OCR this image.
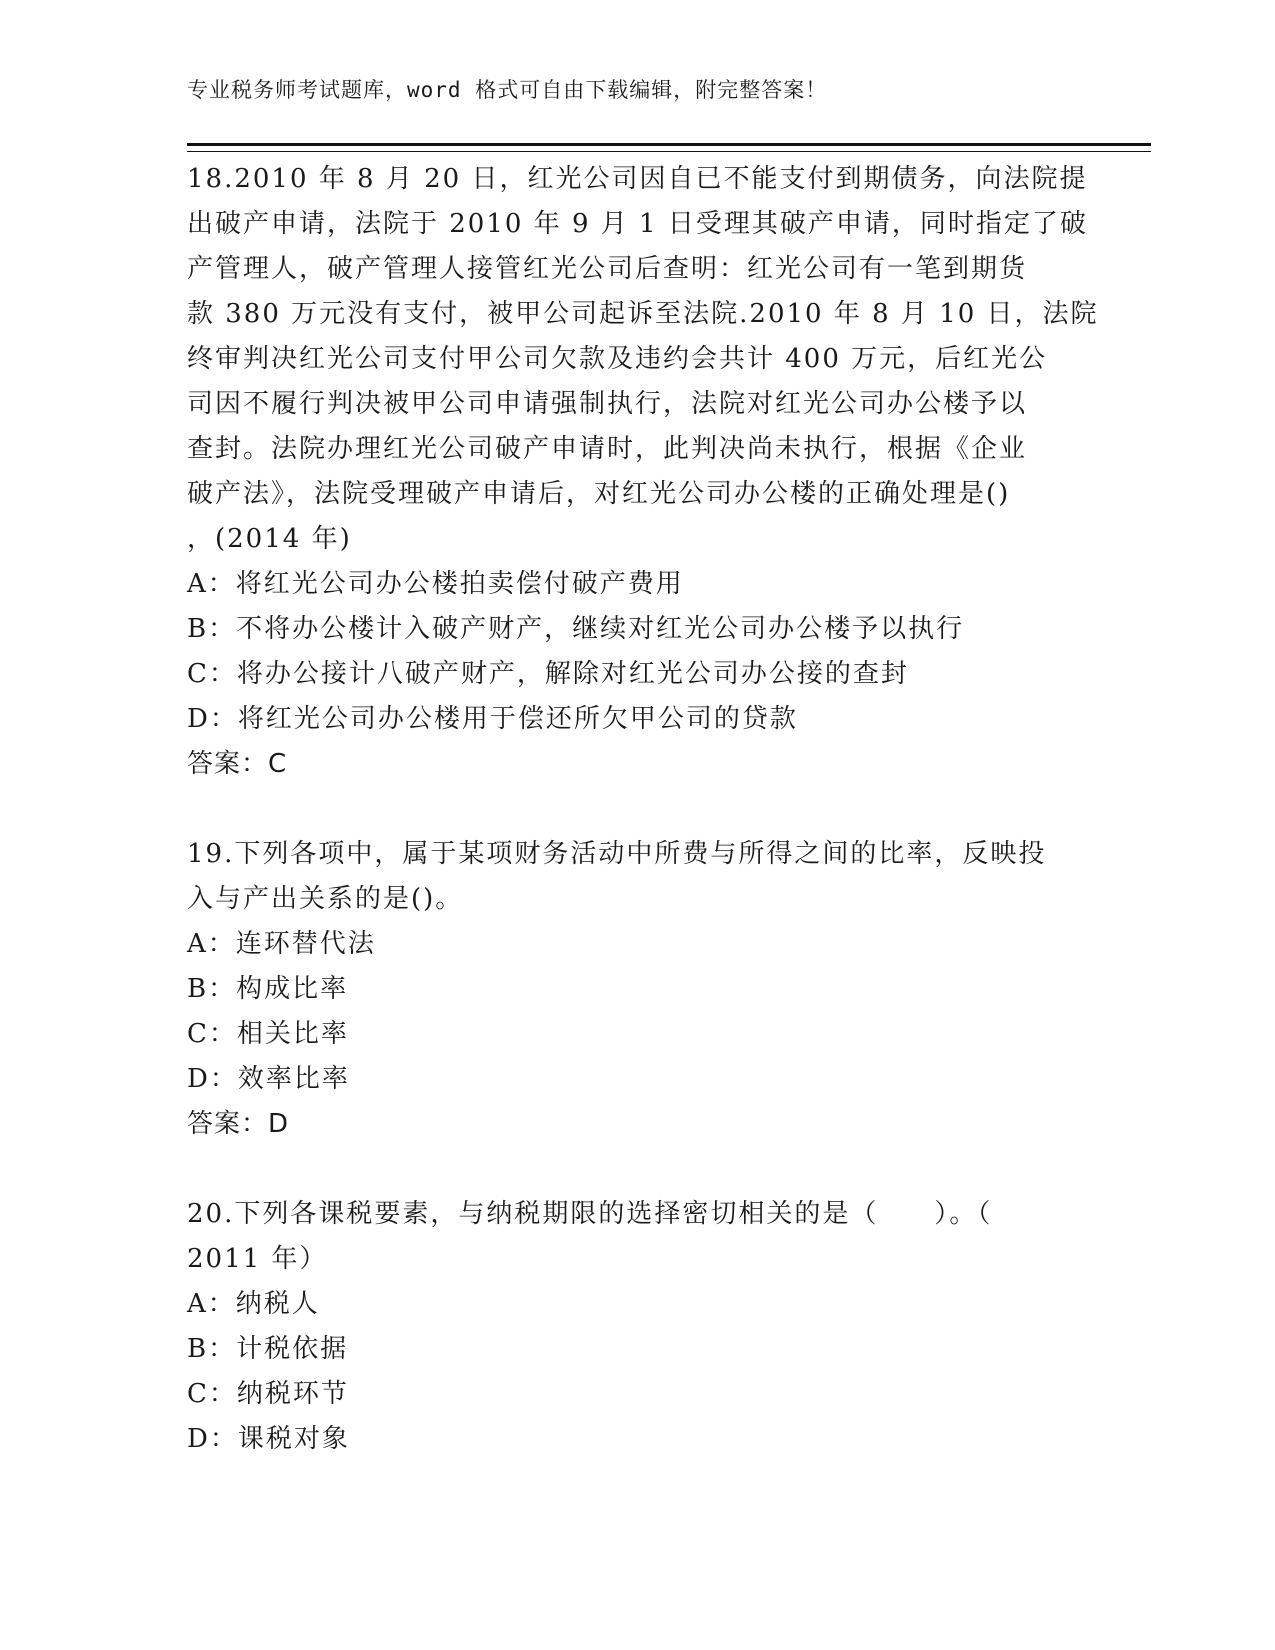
专业税务师考试题库，word 格式可自由下载编辑，附完整答案！
18.2010 年 8 月 20 日，红光公司因自已不能支付到期债务，向法院提
出破产申请，法院于 2010 年 9 月 1 日受理其破产申请，同时指定了破
产管理人，破产管理人接管红光公司后查明：红光公司有一笔到期货
款 380 万元没有支付，被甲公司起诉至法院.2010 年 8 月 10 日，法院
终审判决红光公司支付甲公司欠款及违约会共计 400 万元，后红光公
司因不履行判决被甲公司申请强制执行，法院对红光公司办公楼予以
查封。法院办理红光公司破产申请时，此判决尚未执行，根据《企业
破产法》，法院受理破产申请后，对红光公司办公楼的正确处理是()
，(2014 年)
A：将红光公司办公楼拍卖偿付破产费用
B：不将办公楼计入破产财产，继续对红光公司办公楼予以执行
C：将办公接计八破产财产，解除对红光公司办公接的查封
D：将红光公司办公楼用于偿还所欠甲公司的贷款
答案：C
19.下列各项中，属于某项财务活动中所费与所得之间的比率，反映投
入与产出关系的是()。
A：连环替代法
B：构成比率
C：相关比率
D：效率比率
答案：D
20.下列各课税要素，与纳税期限的选择密切相关的是（　　）。（
2011 年）
A：纳税人
B：计税依据
C：纳税环节
D：课税对象
